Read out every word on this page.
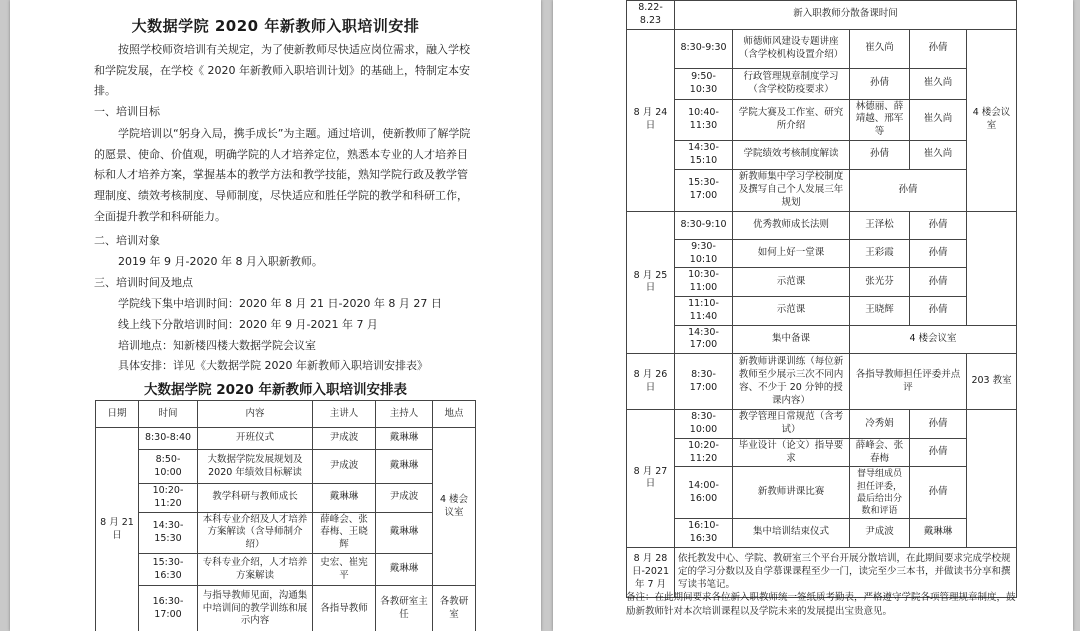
大数据学院 2020 年新教师入职培训安排
按照学校师资培训有关规定，为了使新教师尽快适应岗位需求，融入学校和学院发展，在学校《 2020 年新教师入职培训计划》的基础上，特制定本安排。
一、培训目标
学院培训以“躬身入局，携手成长”为主题。通过培训，使新教师了解学院的愿景、使命、价值观，明确学院的人才培养定位，熟悉本专业的人才培养目标和人才培养方案，掌握基本的教学方法和教学技能，熟知学院行政及教学管理制度、绩效考核制度、导师制度，尽快适应和胜任学院的教学和科研工作，全面提升教学和科研能力。
二、培训对象
2019 年 9 月-2020 年 8 月入职新教师。
三、培训时间及地点
学院线下集中培训时间：2020 年 8 月 21 日-2020 年 8 月 27 日
线上线下分散培训时间：2020 年 9 月-2021 年 7 月
培训地点：知新楼四楼大数据学院会议室
具体安排：详见《大数据学院 2020 年新教师入职培训安排表》
大数据学院 2020 年新教师入职培训安排表
日期	时间	内容	主讲人	主持人	地点
8 月 21 日	8:30-8:40	开班仪式	尹成波	戴琳琳	4 楼会议室
	8:50-10:00	大数据学院发展规划及 2020 年绩效目标解读	尹成波	戴琳琳	
	10:20-11:20	教学科研与教师成长	戴琳琳	尹成波	
	14:30-15:30	本科专业介绍及人才培养方案解读（含导师制介绍）	薛峰会、张春梅、王晓辉	戴琳琳	
	15:30-16:30	专科专业介绍，人才培养方案解读	史宏、崔宪平	戴琳琳	
	16:30-17:00	与指导教师见面，沟通集中培训间的教学训练和展示内容	各指导教师	各教研室主任	各教研室
8.22-8.23	新入职教师分散备课时间				
8 月 24 日	8:30-9:30	师德师风建设专题讲座（含学校机构设置介绍）	崔久尚	孙倩	4 楼会议室
	9:50-10:30	行政管理规章制度学习（含学校防疫要求）	孙倩	崔久尚	
	10:40-11:30	学院大赛及工作室、研究所介绍	林德丽、薛靖越、邢军等	崔久尚	
	14:30-15:10	学院绩效考核制度解读	孙倩	崔久尚	
	15:30-17:00	新教师集中学习学校制度及撰写自己个人发展三年规划	孙倩		
8 月 25 日	8:30-9:10	优秀教师成长法则	王泽松	孙倩	
	9:30-10:10	如何上好一堂课	王彩霞	孙倩	
	10:30-11:00	示范课	张光芬	孙倩	
	11:10-11:40	示范课	王晓辉	孙倩	
	14:30-17:00	集中备课	4 楼会议室		
8 月 26 日	8:30-17:00	新教师讲课训练（每位新教师至少展示三次不同内容、不少于 20 分钟的授课内容）	各指导教师担任评委并点评		203 教室
8 月 27 日	8:30-10:00	教学管理日常规范（含考试）	冷秀娟	孙倩	
	10:20-11:20	毕业设计（论文）指导要求	薛峰会、张春梅	孙倩	
	14:00-16:00	新教师讲课比赛	督导组成员担任评委，最后给出分数和评语	孙倩	
	16:10-16:30	集中培训结束仪式	尹成波	戴琳琳	
8 月 28 日-2021 年 7 月	依托教发中心、学院、教研室三个平台开展分散培训，在此期间要求完成学校规定的学习分数以及自学慕课课程至少一门，读完至少三本书，并做读书分享和撰写读书笔记。				
备注：在此期间要求各位新入职教师统一签纸质考勤表，严格遵守学院各项管理规章制度，鼓励新教师针对本次培训课程以及学院未来的发展提出宝贵意见。
